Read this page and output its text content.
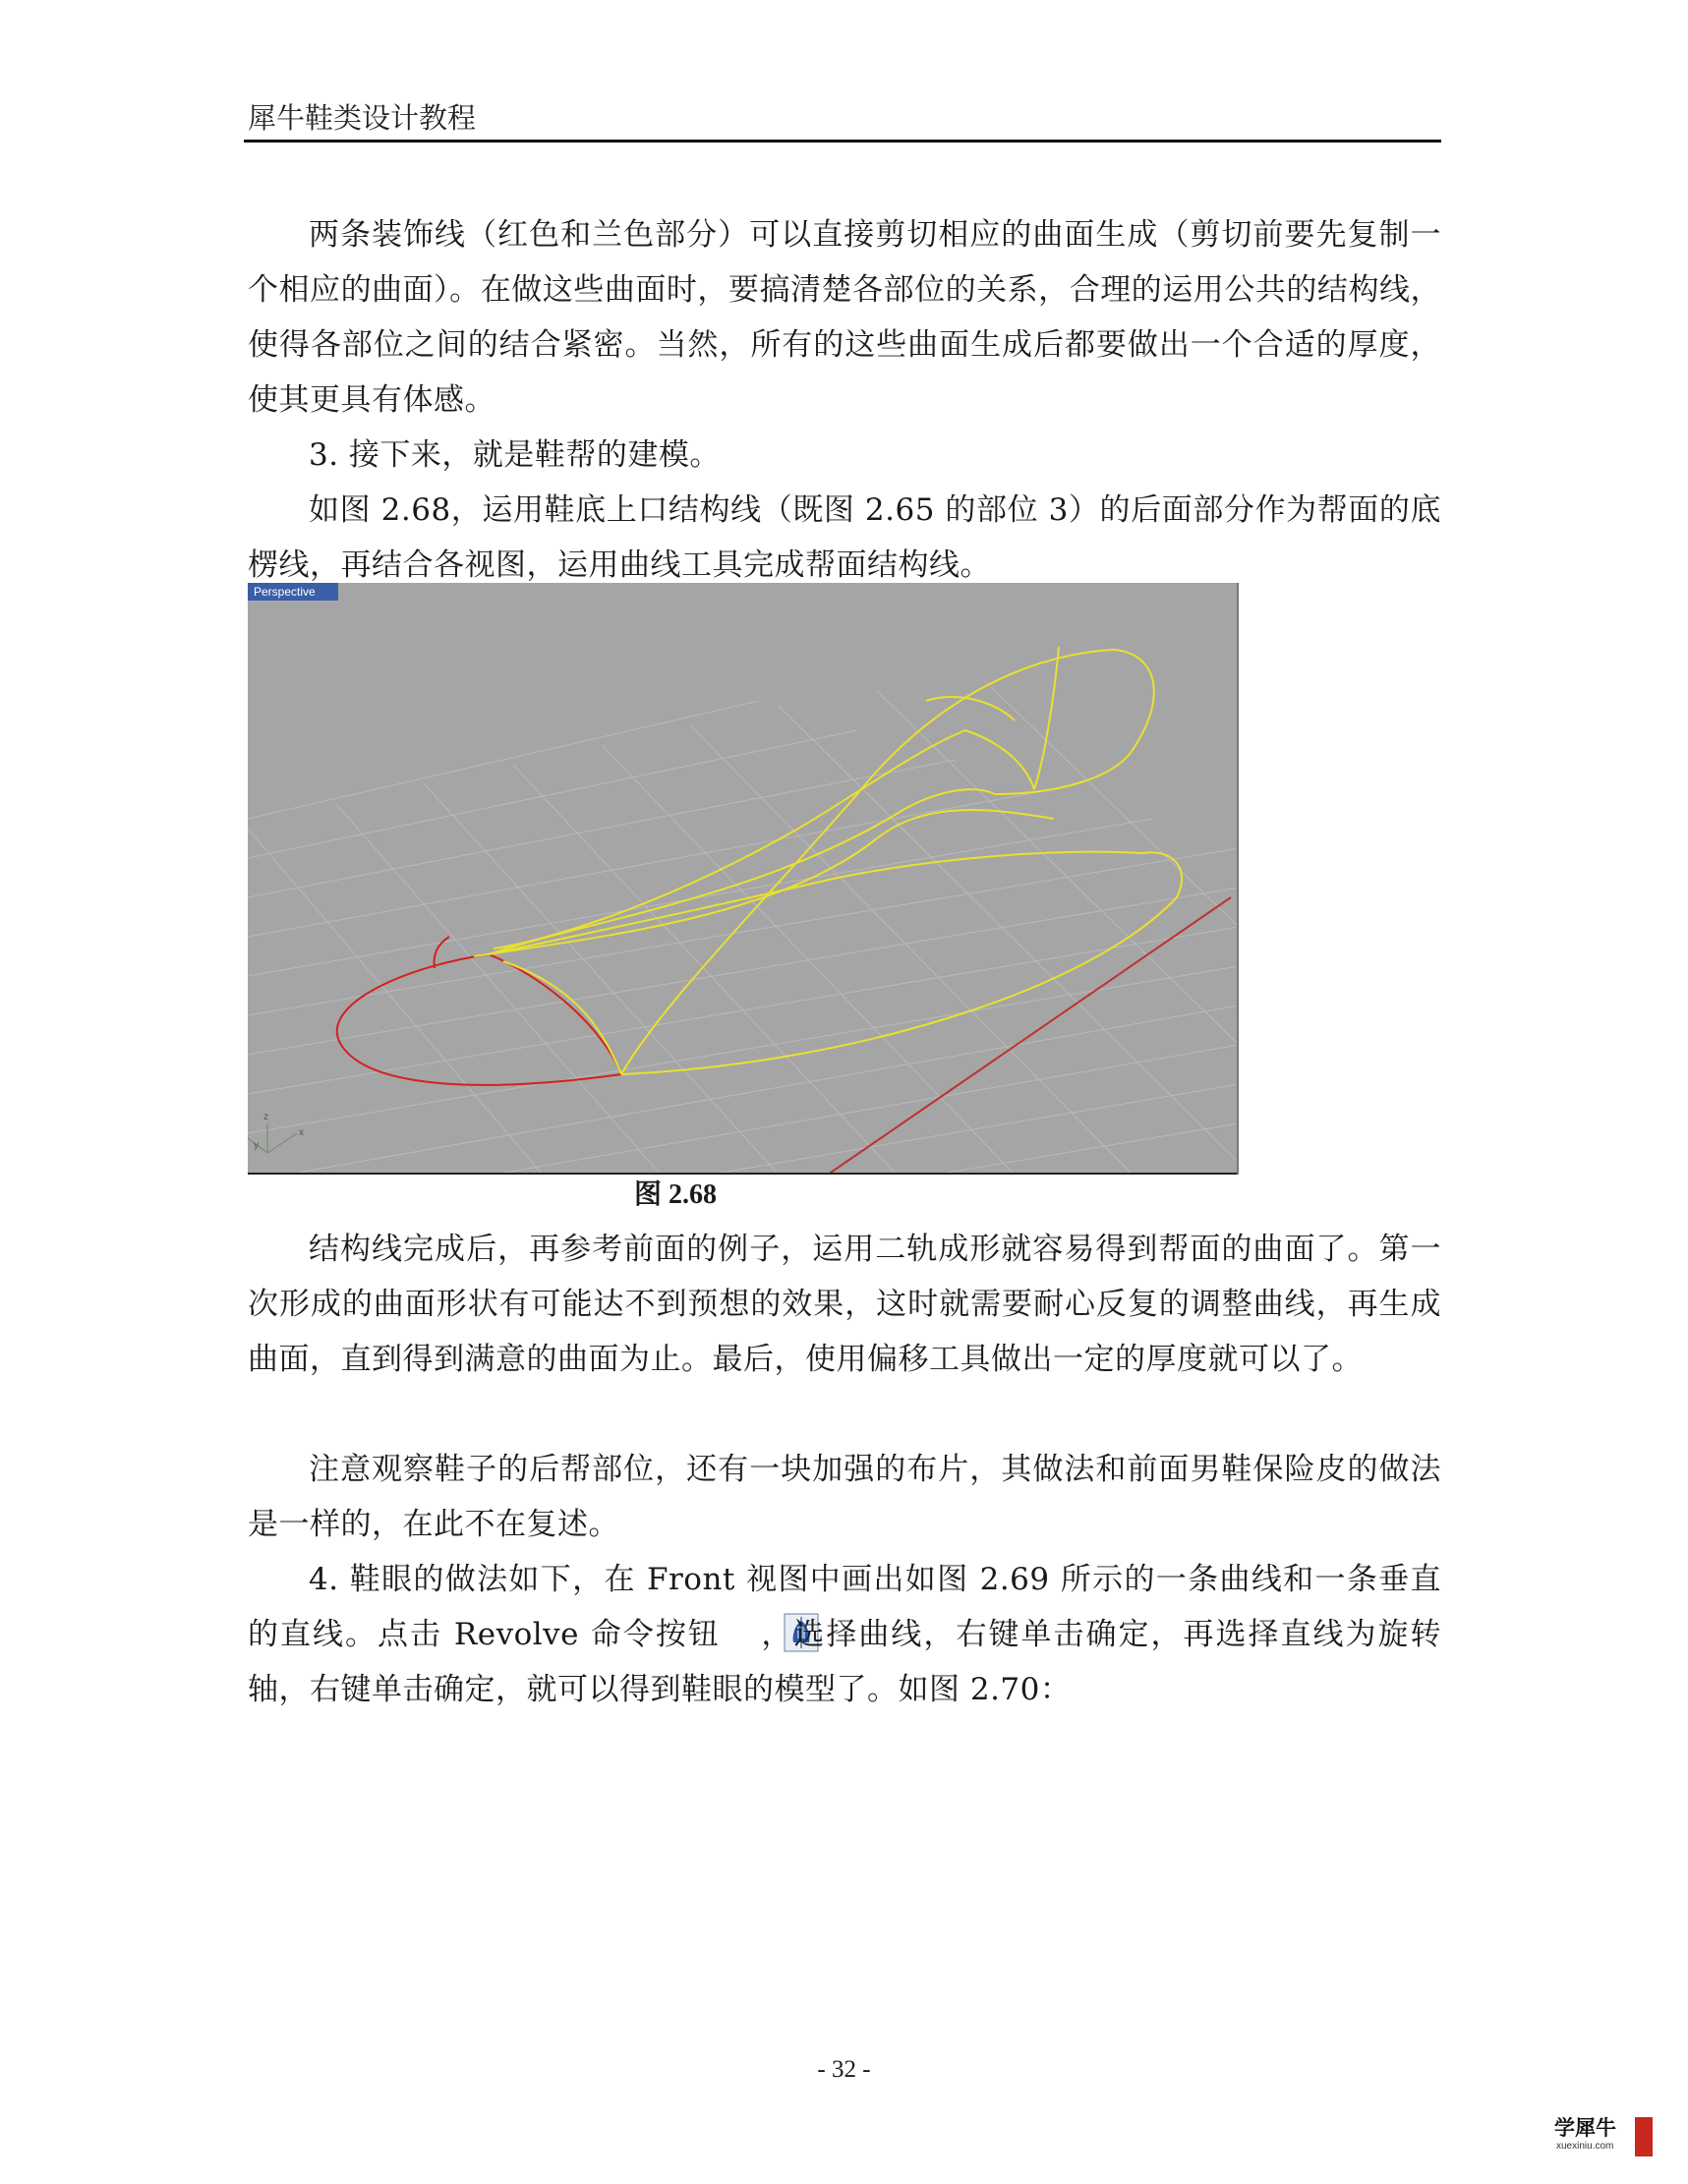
犀牛鞋类设计教程

两条装饰线（红色和兰色部分）可以直接剪切相应的曲面生成（剪切前要先复制一个相应的曲面）。在做这些曲面时，要搞清楚各部位的关系，合理的运用公共的结构线，使得各部位之间的结合紧密。当然，所有的这些曲面生成后都要做出一个合适的厚度，使其更具有体感。

3. 接下来，就是鞋帮的建模。

如图 2.68，运用鞋底上口结构线（既图 2.65 的部位 3）的后面部分作为帮面的底楞线，再结合各视图，运用曲线工具完成帮面结构线。

Perspective
z
x
y
图 2.68

结构线完成后，再参考前面的例子，运用二轨成形就容易得到帮面的曲面了。第一次形成的曲面形状有可能达不到预想的效果，这时就需要耐心反复的调整曲线，再生成曲面，直到得到满意的曲面为止。最后，使用偏移工具做出一定的厚度就可以了。

注意观察鞋子的后帮部位，还有一块加强的布片，其做法和前面男鞋保险皮的做法是一样的，在此不在复述。

4. 鞋眼的做法如下，在 Front 视图中画出如图 2.69 所示的一条曲线和一条垂直的直线。点击 Revolve 命令按钮 ，选择曲线，右键单击确定，再选择直线为旋转轴，右键单击确定，就可以得到鞋眼的模型了。如图 2.70：

- 32 -
学犀牛
xuexiniu.com
